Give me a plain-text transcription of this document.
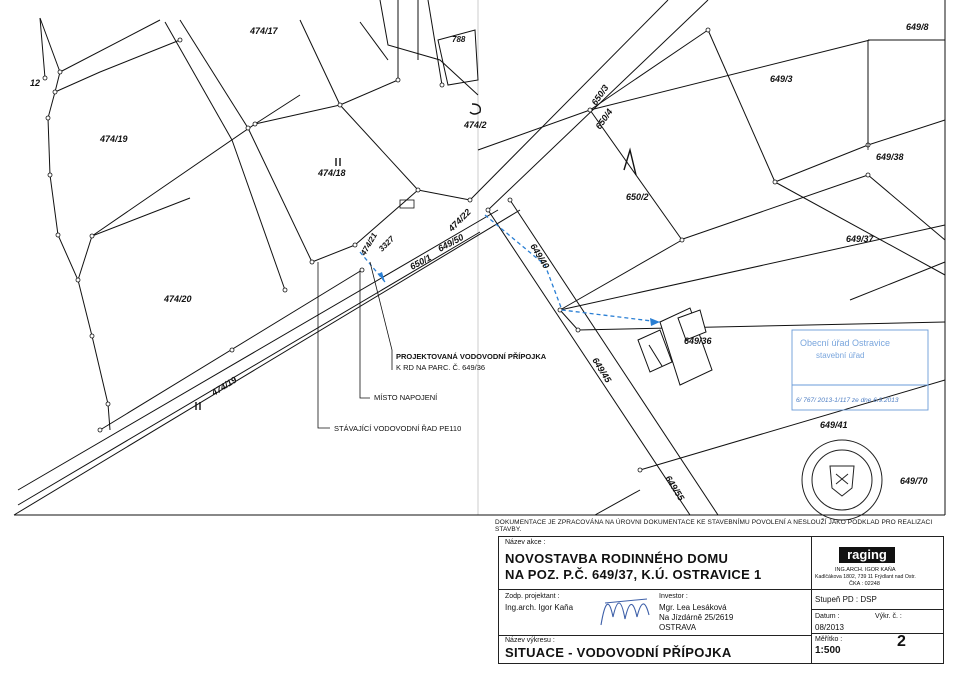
474/17
788
649/8
12
474/2
650/3
650/4
649/3
474/19
474/18
650/2
649/38
474/21
3327
474/22
649/50
650/1	649/40
649/37
474/20
649/36
474/19
649/45
649/41
649/55	649/70
PROJEKTOVANÁ VODOVODNÍ PŘÍPOJKA
K RD NA PARC. Č. 649/36
MÍSTO NAPOJENÍ
STÁVAJÍCÍ VODOVODNÍ ŘAD PE110
Obecní úřad Ostravice
stavební úřad
6/ 767/ 2013-1/117 ze dne 6.9.2013
DOKUMENTACE JE ZPRACOVÁNA NA ÚROVNI DOKUMENTACE KE STAVEBNÍMU POVOLENÍ A NESLOUŽÍ JAKO PODKLAD PRO REALIZACI STAVBY.
Název akce :
NOVOSTAVBA RODINNÉHO DOMU
NA POZ. P.Č. 649/37, K.Ú. OSTRAVICE 1
raging
ING.ARCH. IGOR KAŇA
Kadlčákova 1802, 739 11 Frýdlant nad Ostr.
ČKA : 02248
Zodp. projektant :
Ing.arch. Igor Kaňa
Investor :
Mgr. Lea Lesáková
Na Jízdárně 25/2619
OSTRAVA
Stupeň PD : DSP
Datum :
08/2013
Výkr. č. :
2
Název výkresu :
SITUACE - VODOVODNÍ PŘÍPOJKA
Měřítko :
1:500
